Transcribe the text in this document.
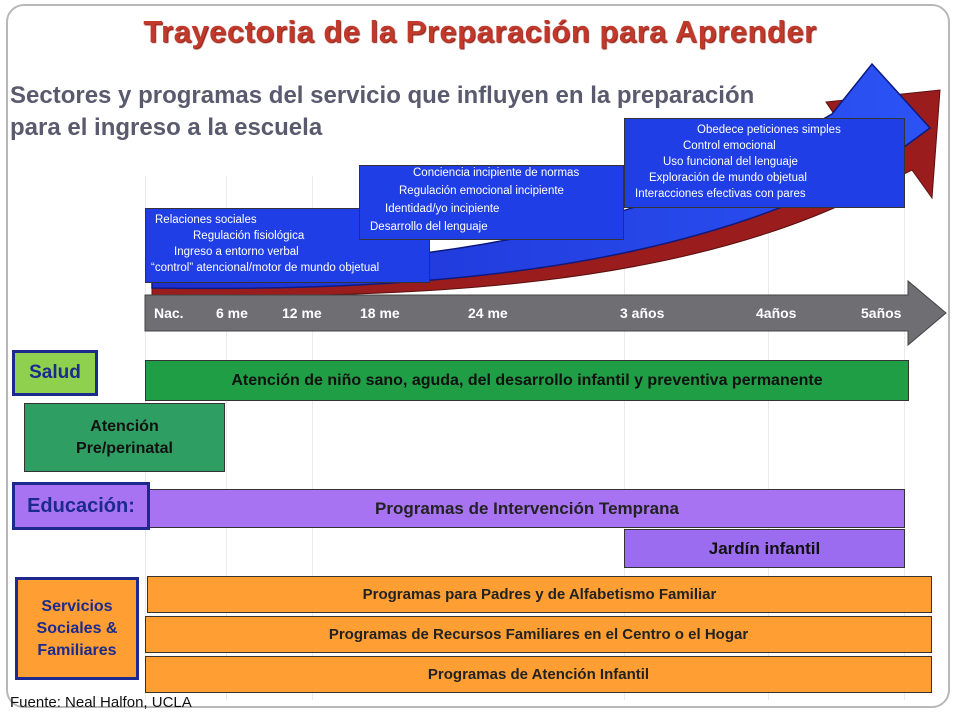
Trayectoria de la Preparación para Aprender
Sectores y programas del servicio que influyen en la preparación
para el ingreso a la escuela
Relaciones sociales
Regulación fisiológica
Ingreso a entorno verbal
“control” atencional/motor de mundo objetual
Conciencia incipiente de normas
Regulación emocional incipiente
Identidad/yo incipiente
Desarrollo del lenguaje
Obedece peticiones simples
Control emocional
Uso funcional del lenguaje
Exploración de mundo objetual
Interacciones efectivas con pares
Nac. 6 me 12 me	18 me	24 me	3 años	4años	5años
Salud	Atención de niño sano, aguda, del desarrollo infantil y preventiva permanente
Atención
Pre/perinatal
Educación:	Programas de Intervención Temprana
Jardín infantil
Servicios
Sociales &
Familiares
Programas para Padres y de Alfabetismo Familiar
Programas de Recursos Familiares en el Centro o el Hogar
Programas de Atención Infantil
Fuente: Neal Halfon, UCLA
